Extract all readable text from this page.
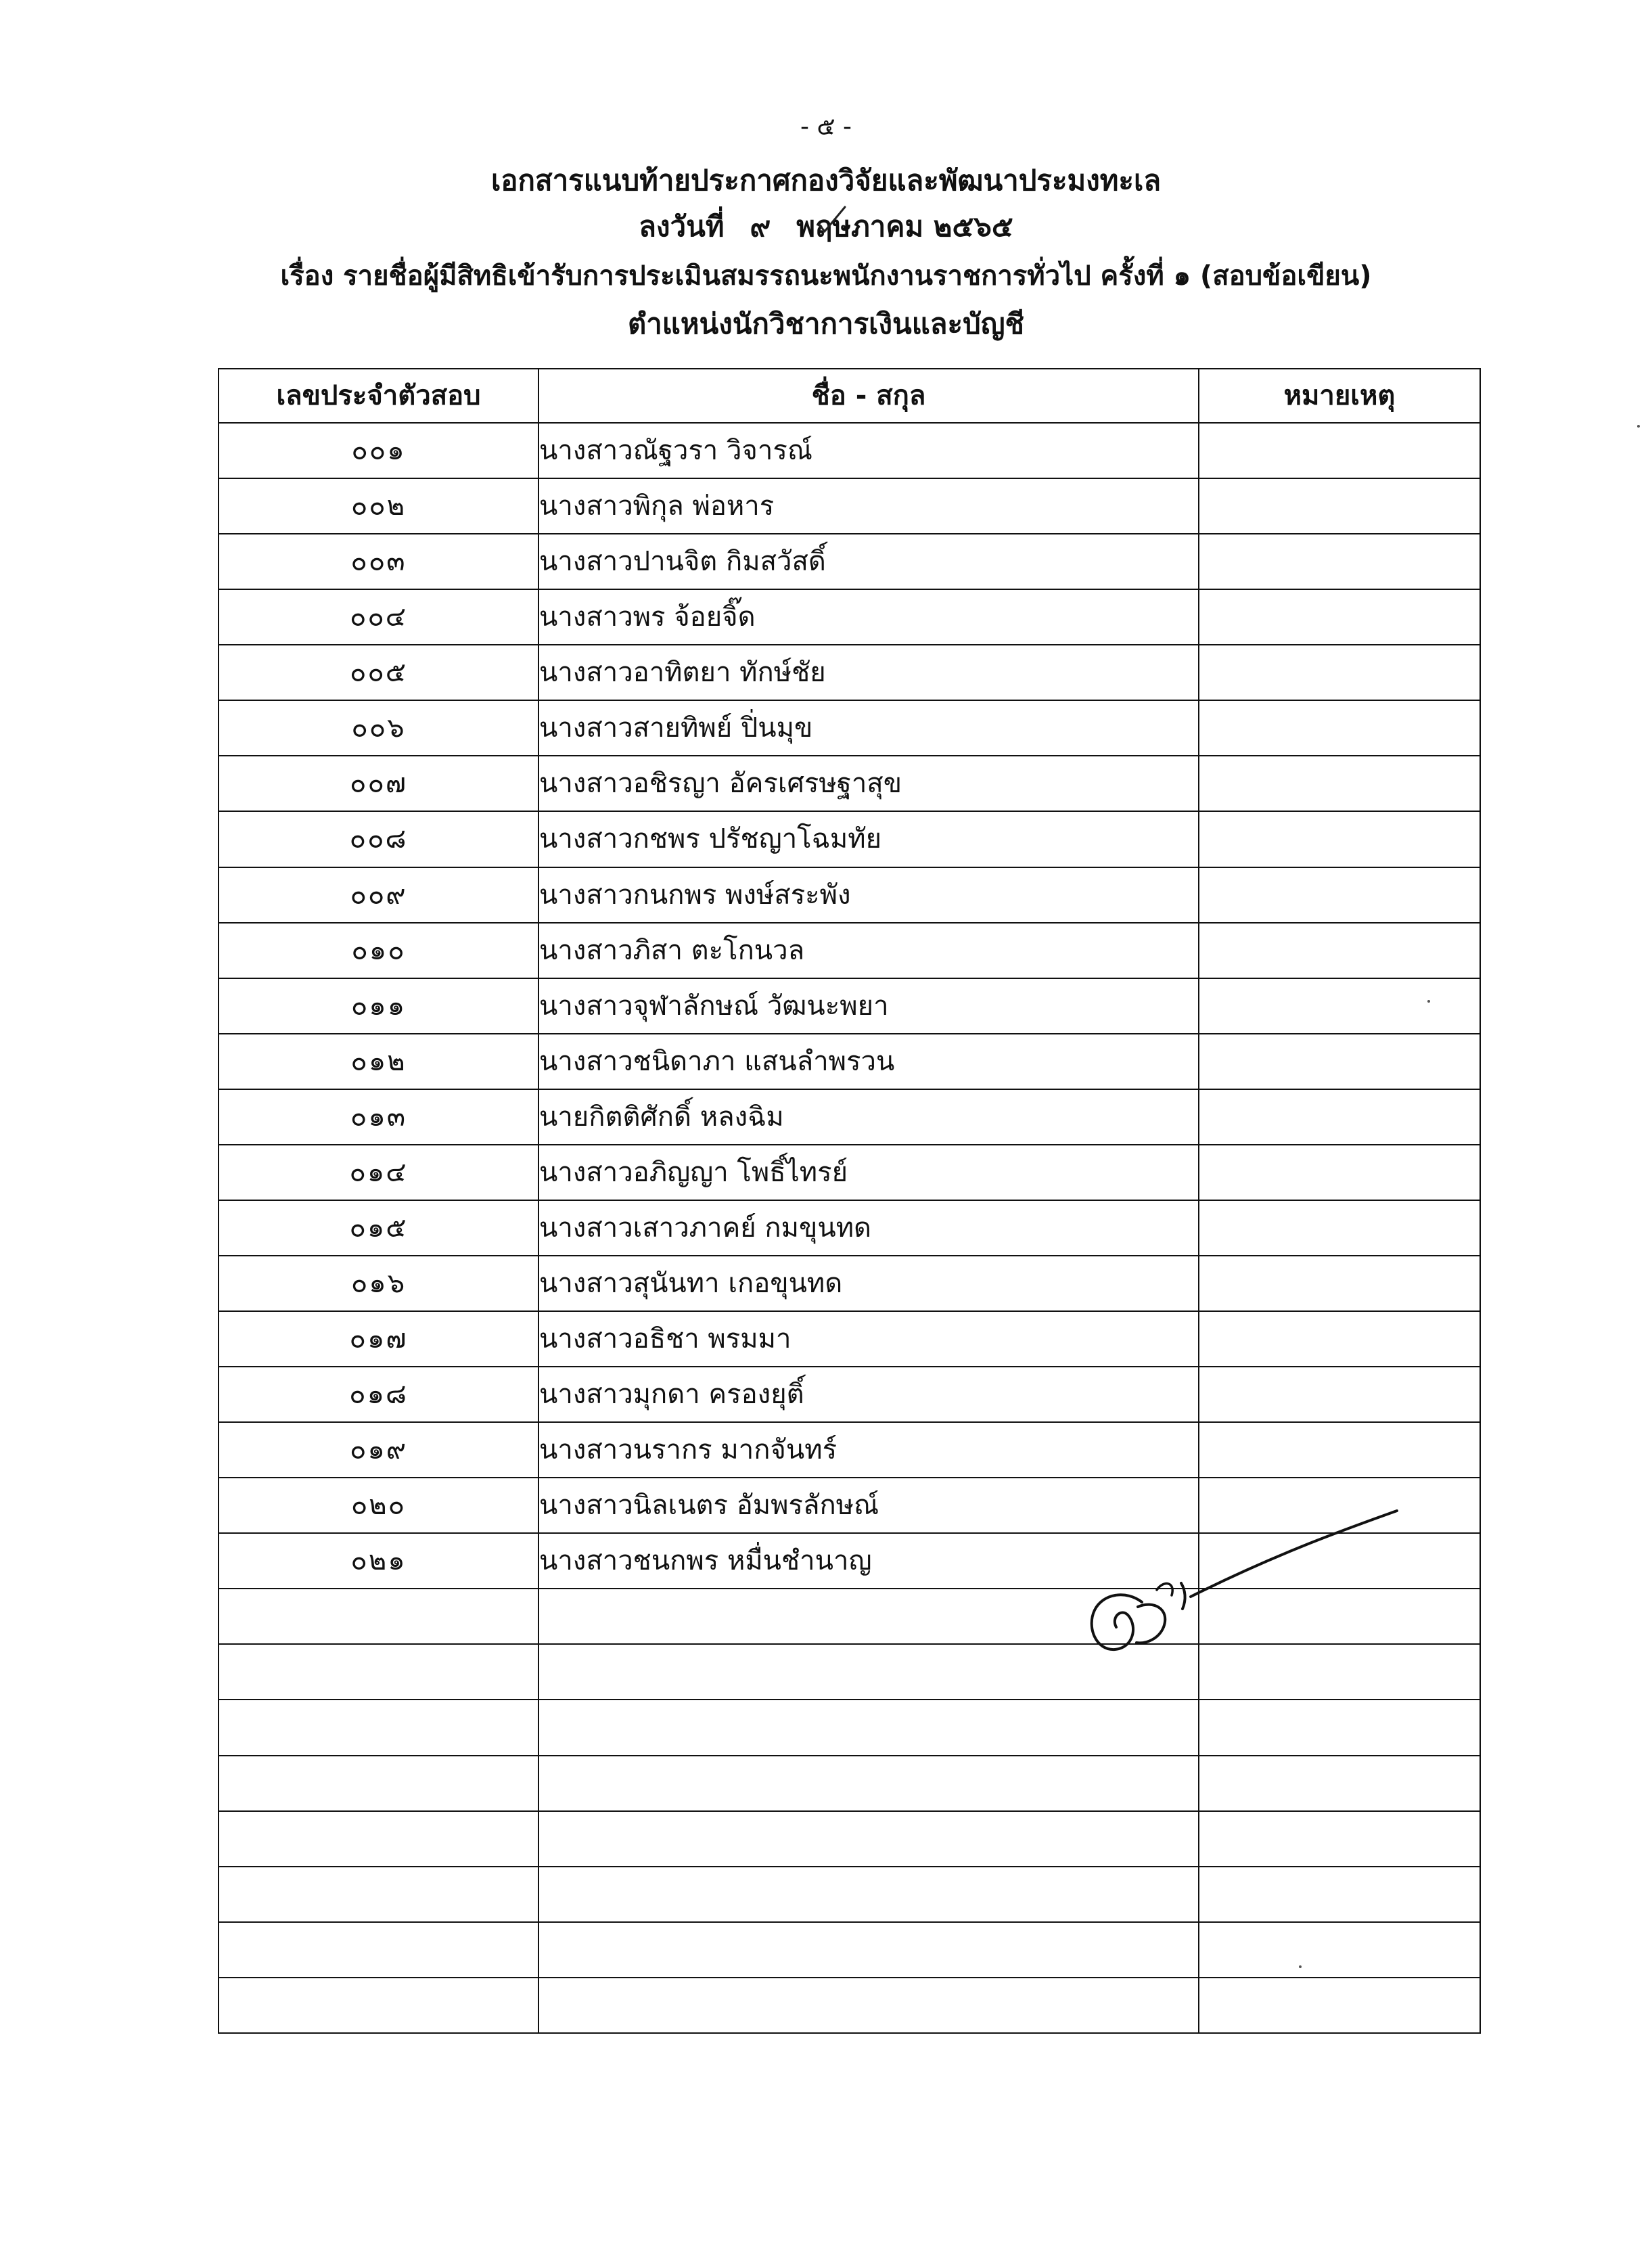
- ๕ -
เอกสารแนบท้ายประกาศกองวิจัยและพัฒนาประมงทะเล
ลงวันที่ ๙ พฤษภาคม ๒๕๖๕
เรื่อง รายชื่อผู้มีสิทธิเข้ารับการประเมินสมรรถนะพนักงานราชการทั่วไป ครั้งที่ ๑ (สอบข้อเขียน)
ตำแหน่งนักวิชาการเงินและบัญชี
เลขประจำตัวสอบ	ชื่อ - สกุล	หมายเหตุ
๐๐๑	นางสาวณัฐวรา วิจารณ์	
๐๐๒	นางสาวพิกุล พ่อหาร	
๐๐๓	นางสาวปานจิต กิมสวัสดิ์	
๐๐๔	นางสาวพร จ้อยจิ๊ด	
๐๐๕	นางสาวอาทิตยา ทักษ์ชัย	
๐๐๖	นางสาวสายทิพย์ ปิ่นมุข	
๐๐๗	นางสาวอชิรญา อัครเศรษฐาสุข	
๐๐๘	นางสาวกชพร ปรัชญาโฉมทัย	
๐๐๙	นางสาวกนกพร พงษ์สระพัง	
๐๑๐	นางสาวภิสา ตะโกนวล	
๐๑๑	นางสาวจุฬาลักษณ์ วัฒนะพยา	
๐๑๒	นางสาวชนิดาภา แสนลำพรวน	
๐๑๓	นายกิตติศักดิ์ หลงฉิม	
๐๑๔	นางสาวอภิญญา โพธิ์ไทรย์	
๐๑๕	นางสาวเสาวภาคย์ กมขุนทด	
๐๑๖	นางสาวสุนันทา เกอขุนทด	
๐๑๗	นางสาวอธิชา พรมมา	
๐๑๘	นางสาวมุกดา ครองยุติ์	
๐๑๙	นางสาวนรากร มากจันทร์	
๐๒๐	นางสาวนิลเนตร อัมพรลักษณ์	
๐๒๑	นางสาวชนกพร หมื่นชำนาญ	
